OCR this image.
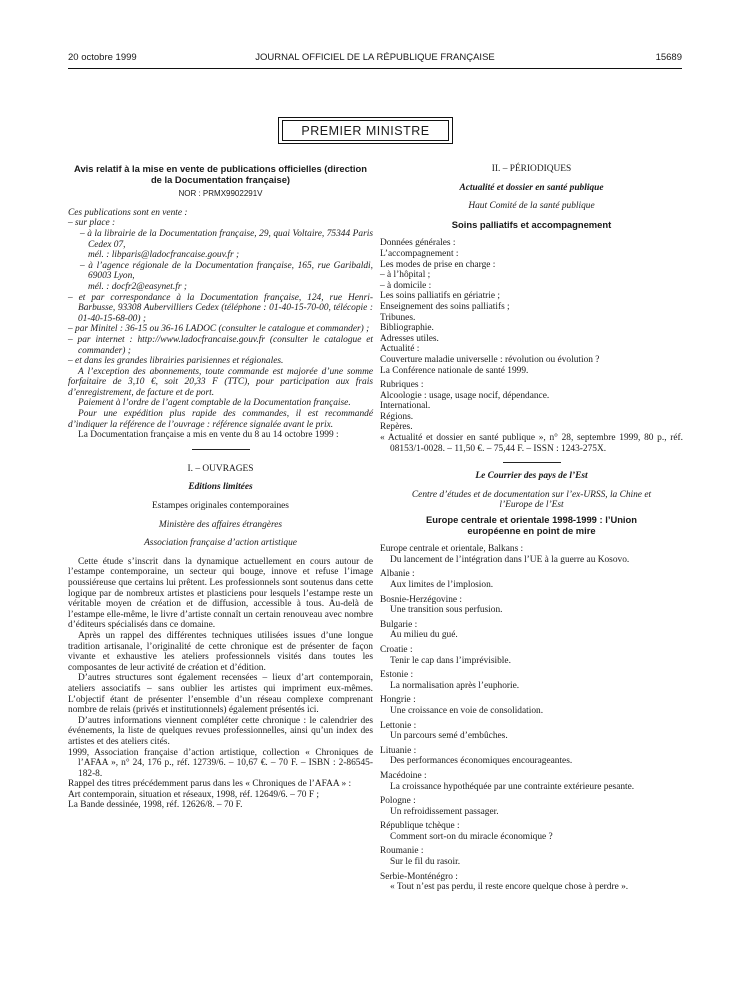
20 octobre 1999	JOURNAL OFFICIEL DE LA RÉPUBLIQUE FRANÇAISE	15689
PREMIER MINISTRE

Avis relatif à la mise en vente de publications officielles (direction de la Documentation française)

NOR : PRMX9902291V

Ces publications sont en vente :

– sur place :

– à la librairie de la Documentation française, 29, quai Voltaire, 75344 Paris Cedex 07,

mél. : libparis@ladocfrancaise.gouv.fr ;

– à l’agence régionale de la Documentation française, 165, rue Garibaldi, 69003 Lyon,

mél. : docfr2@easynet.fr ;

– et par correspondance à la Documentation française, 124, rue Henri-Barbusse, 93308 Aubervilliers Cedex (téléphone : 01-40-15-70-00, télécopie : 01-40-15-68-00) ;

– par Minitel : 36-15 ou 36-16 LADOC (consulter le catalogue et commander) ;

– par internet : http://www.ladocfrancaise.gouv.fr (consulter le catalogue et commander) ;

– et dans les grandes librairies parisiennes et régionales.

A l’exception des abonnements, toute commande est majorée d’une somme forfaitaire de 3,10 €, soit 20,33 F (TTC), pour participation aux frais d’enregistrement, de facture et de port.

Paiement à l’ordre de l’agent comptable de la Documentation française.

Pour une expédition plus rapide des commandes, il est recommandé d’indiquer la référence de l’ouvrage : référence signalée avant le prix.

La Documentation française a mis en vente du 8 au 14 octobre 1999 :

I. – OUVRAGES

Editions limitées

Estampes originales contemporaines

Ministère des affaires étrangères

Association française d’action artistique

Cette étude s’inscrit dans la dynamique actuellement en cours autour de l’estampe contemporaine, un secteur qui bouge, innove et refuse l’image poussiéreuse que certains lui prêtent. Les professionnels sont soutenus dans cette logique par de nombreux artistes et plasticiens pour lesquels l’estampe reste un véritable moyen de création et de diffusion, accessible à tous. Au-delà de l’estampe elle-même, le livre d’artiste connaît un certain renouveau avec nombre d’éditeurs spécialisés dans ce domaine.

Après un rappel des différentes techniques utilisées issues d’une longue tradition artisanale, l’originalité de cette chronique est de présenter de façon vivante et exhaustive les ateliers professionnels visités dans toutes les composantes de leur activité de création et d’édition.

D’autres structures sont également recensées – lieux d’art contemporain, ateliers associatifs – sans oublier les artistes qui impriment eux-mêmes. L’objectif étant de présenter l’ensemble d’un réseau complexe comprenant nombre de relais (privés et institutionnels) également présentés ici.

D’autres informations viennent compléter cette chronique : le calendrier des événements, la liste de quelques revues professionnelles, ainsi qu’un index des artistes et des ateliers cités.

1999, Association française d’action artistique, collection « Chroniques de l’AFAA », n° 24, 176 p., réf. 12739/6. – 10,67 €. – 70 F. – ISBN : 2-86545-182-8.

Rappel des titres précédemment parus dans les « Chroniques de l’AFAA » :

Art contemporain, situation et réseaux, 1998, réf. 12649/6. – 70 F ;

La Bande dessinée, 1998, réf. 12626/8. – 70 F.

II. – PÉRIODIQUES

Actualité et dossier en santé publique

Haut Comité de la santé publique

Soins palliatifs et accompagnement

Données générales :

L’accompagnement :

Les modes de prise en charge :

– à l’hôpital ;

– à domicile :

Les soins palliatifs en gériatrie ;

Enseignement des soins palliatifs ;

Tribunes.

Bibliographie.

Adresses utiles.

Actualité :

Couverture maladie universelle : révolution ou évolution ?

La Conférence nationale de santé 1999.

Rubriques :

Alcoologie : usage, usage nocif, dépendance.

International.

Régions.

Repères.

« Actualité et dossier en santé publique », n° 28, septembre 1999, 80 p., réf. 08153/1-0028. – 11,50 €. – 75,44 F. – ISSN : 1243-275X.

Le Courrier des pays de l’Est

Centre d’études et de documentation sur l’ex-URSS, la Chine et l’Europe de l’Est

Europe centrale et orientale 1998-1999 : l’Union européenne en point de mire

Europe centrale et orientale, Balkans :

Du lancement de l’intégration dans l’UE à la guerre au Kosovo.

Albanie :

Aux limites de l’implosion.

Bosnie-Herzégovine :

Une transition sous perfusion.

Bulgarie :

Au milieu du gué.

Croatie :

Tenir le cap dans l’imprévisible.

Estonie :

La normalisation après l’euphorie.

Hongrie :

Une croissance en voie de consolidation.

Lettonie :

Un parcours semé d’embûches.

Lituanie :

Des performances économiques encourageantes.

Macédoine :

La croissance hypothéquée par une contrainte extérieure pesante.

Pologne :

Un refroidissement passager.

République tchèque :

Comment sort-on du miracle économique ?

Roumanie :

Sur le fil du rasoir.

Serbie-Monténégro :

« Tout n’est pas perdu, il reste encore quelque chose à perdre ».
